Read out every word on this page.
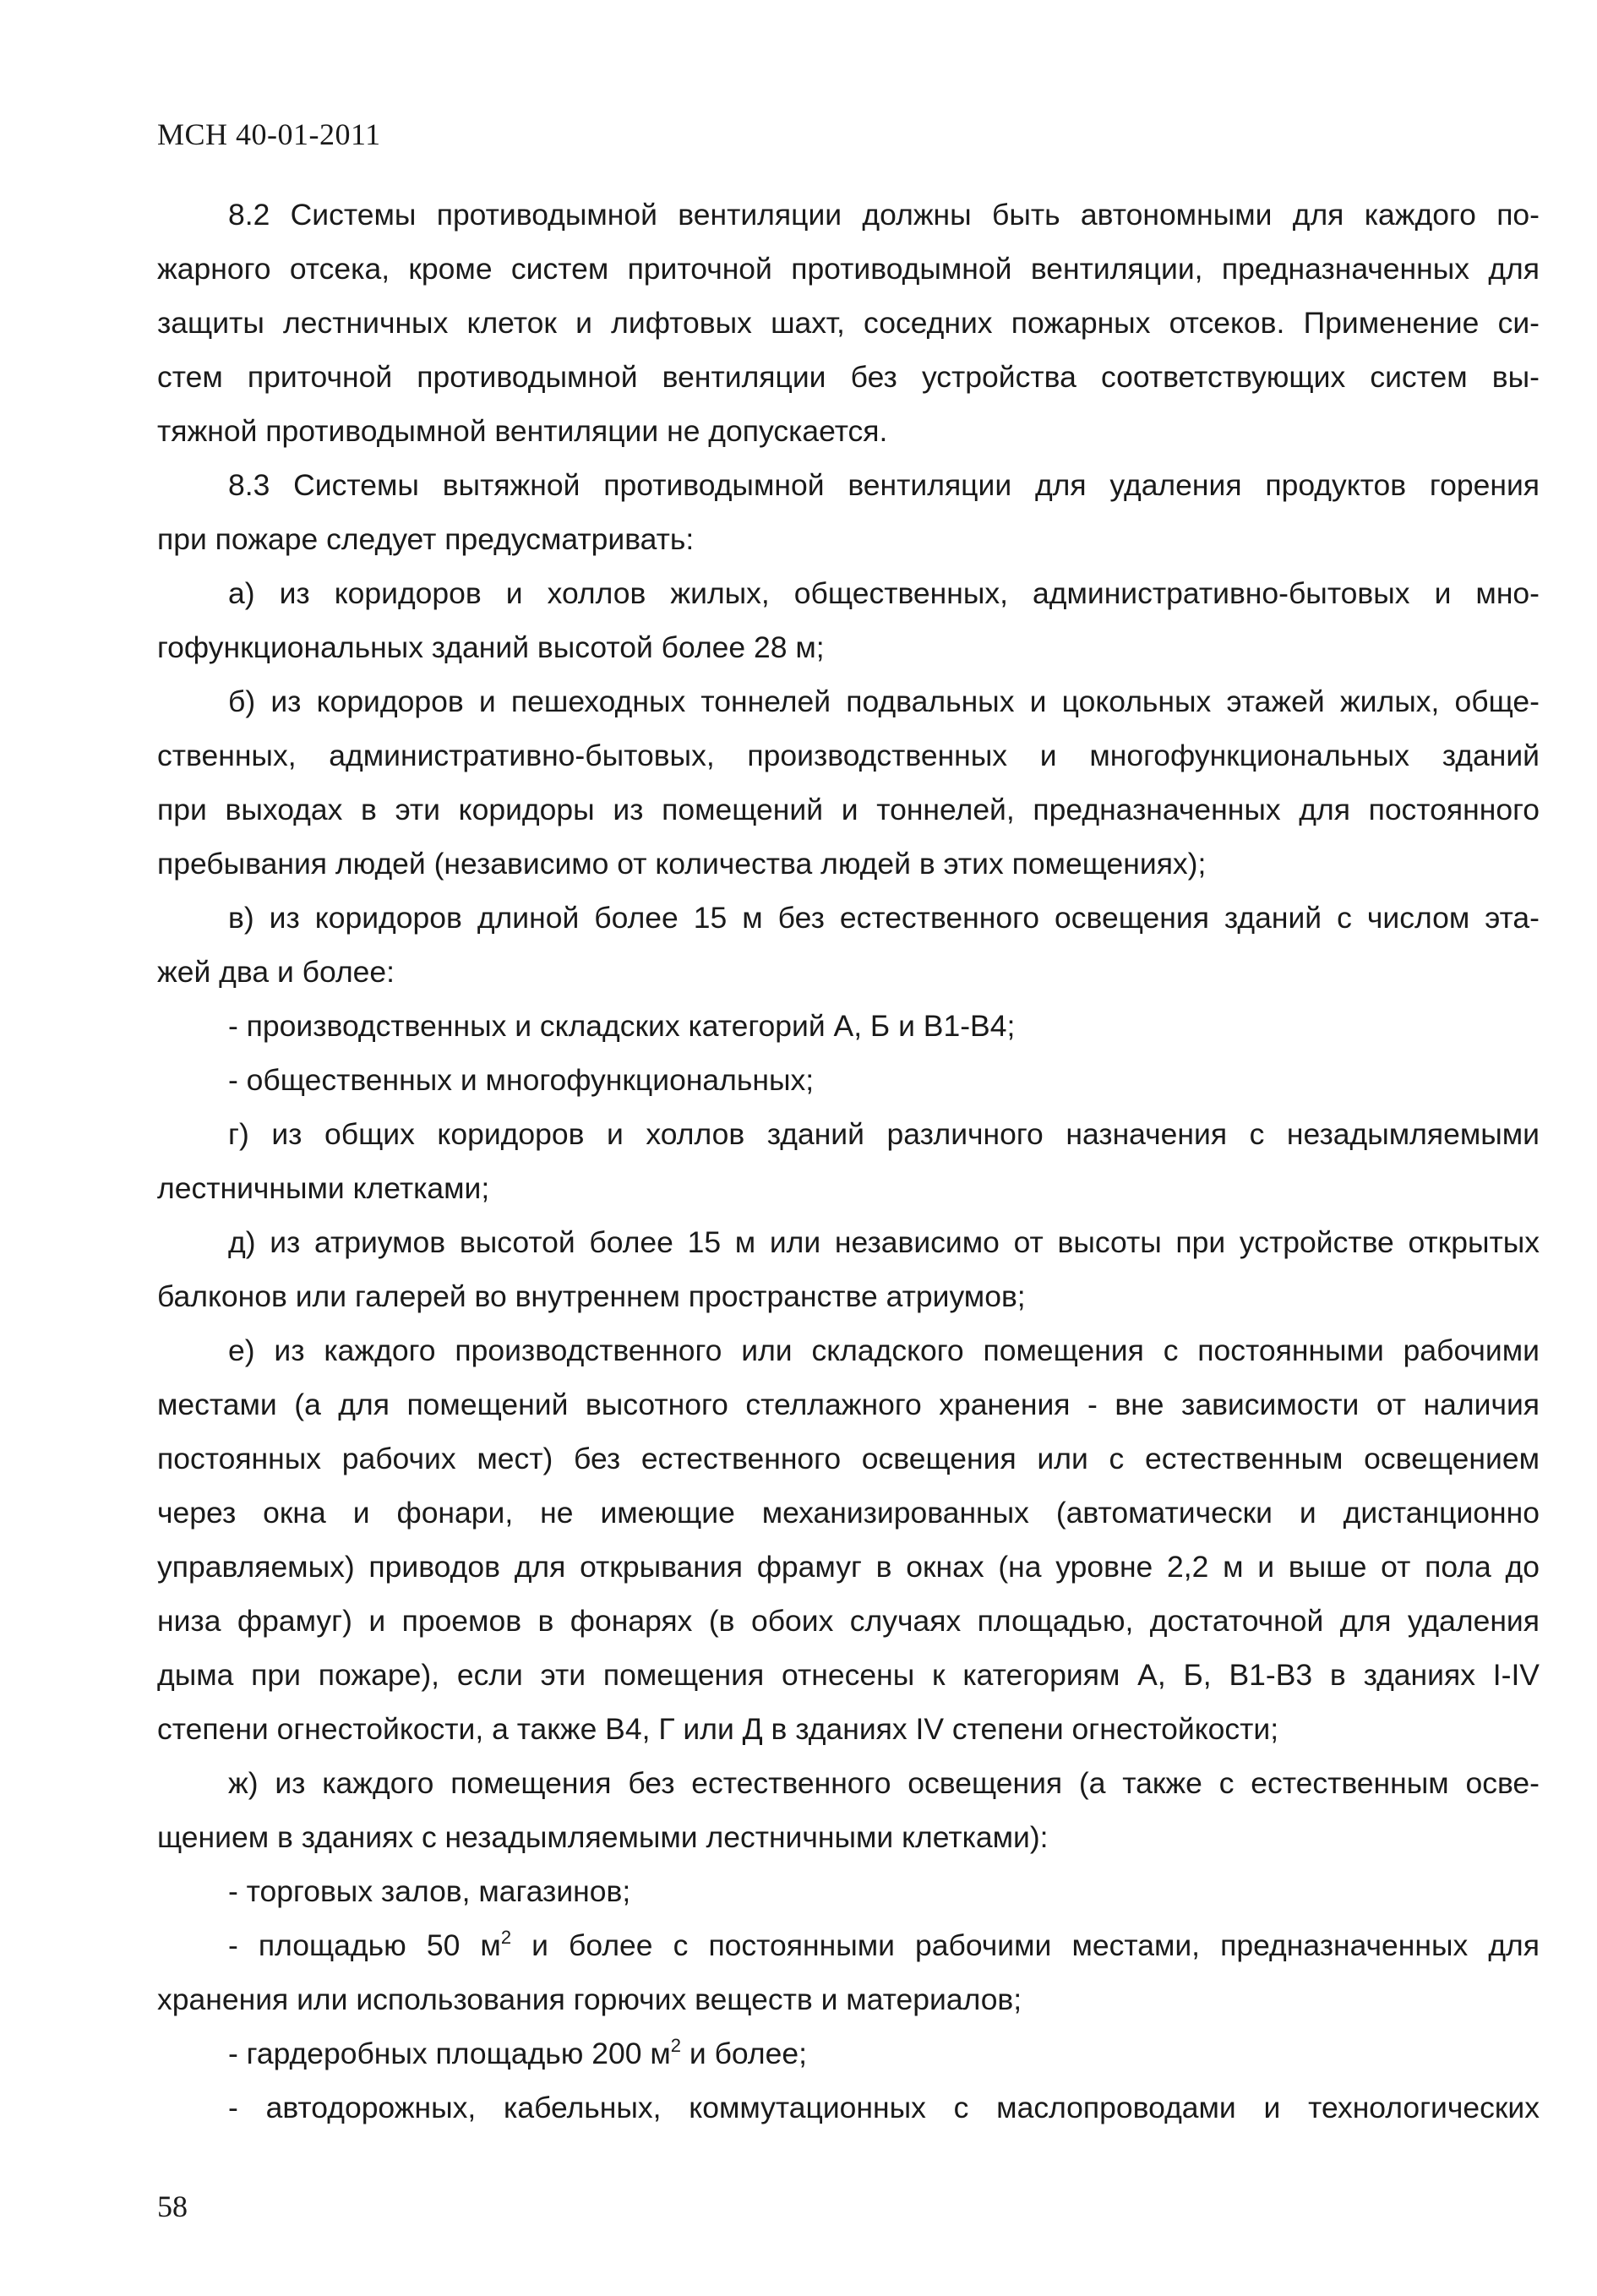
МСН 40-01-2011
8.2 Системы противодымной вентиляции должны быть автономными для каждого по-
жарного отсека, кроме систем приточной противодымной вентиляции, предназначенных для
защиты лестничных клеток и лифтовых шахт, соседних пожарных отсеков. Применение си-
стем приточной противодымной вентиляции без устройства соответствующих систем вы-
тяжной противодымной вентиляции не допускается.
8.3 Системы вытяжной противодымной вентиляции для удаления продуктов горения
при пожаре следует предусматривать:
а) из коридоров и холлов жилых, общественных, административно-бытовых и мно-
гофункциональных зданий высотой более 28 м;
б) из коридоров и пешеходных тоннелей подвальных и цокольных этажей жилых, обще-
ственных, административно-бытовых, производственных и многофункциональных зданий
при выходах в эти коридоры из помещений и тоннелей, предназначенных для постоянного
пребывания людей (независимо от количества людей в этих помещениях);
в) из коридоров длиной более 15 м без естественного освещения зданий с числом эта-
жей два и более:
- производственных и складских категорий А, Б и В1-В4;
- общественных и многофункциональных;
г) из общих коридоров и холлов зданий различного назначения с незадымляемыми
лестничными клетками;
д) из атриумов высотой более 15 м или независимо от высоты при устройстве открытых
балконов или галерей во внутреннем пространстве атриумов;
е) из каждого производственного или складского помещения с постоянными рабочими
местами (а для помещений высотного стеллажного хранения - вне зависимости от наличия
постоянных рабочих мест) без естественного освещения или с естественным освещением
через окна и фонари, не имеющие механизированных (автоматически и дистанционно
управляемых) приводов для открывания фрамуг в окнах (на уровне 2,2 м и выше от пола до
низа фрамуг) и проемов в фонарях (в обоих случаях площадью, достаточной для удаления
дыма при пожаре), если эти помещения отнесены к категориям А, Б, В1-В3 в зданиях I-IV
степени огнестойкости, а также В4, Г или Д в зданиях IV степени огнестойкости;
ж) из каждого помещения без естественного освещения (а также с естественным осве-
щением в зданиях с незадымляемыми лестничными клетками):
- торговых залов, магазинов;
- площадью 50 $м^2$ и более с постоянными рабочими местами, предназначенных для
хранения или использования горючих веществ и материалов;
- гардеробных площадью 200 $м^2$ и более;
- автодорожных, кабельных, коммутационных с маслопроводами и технологических
58
